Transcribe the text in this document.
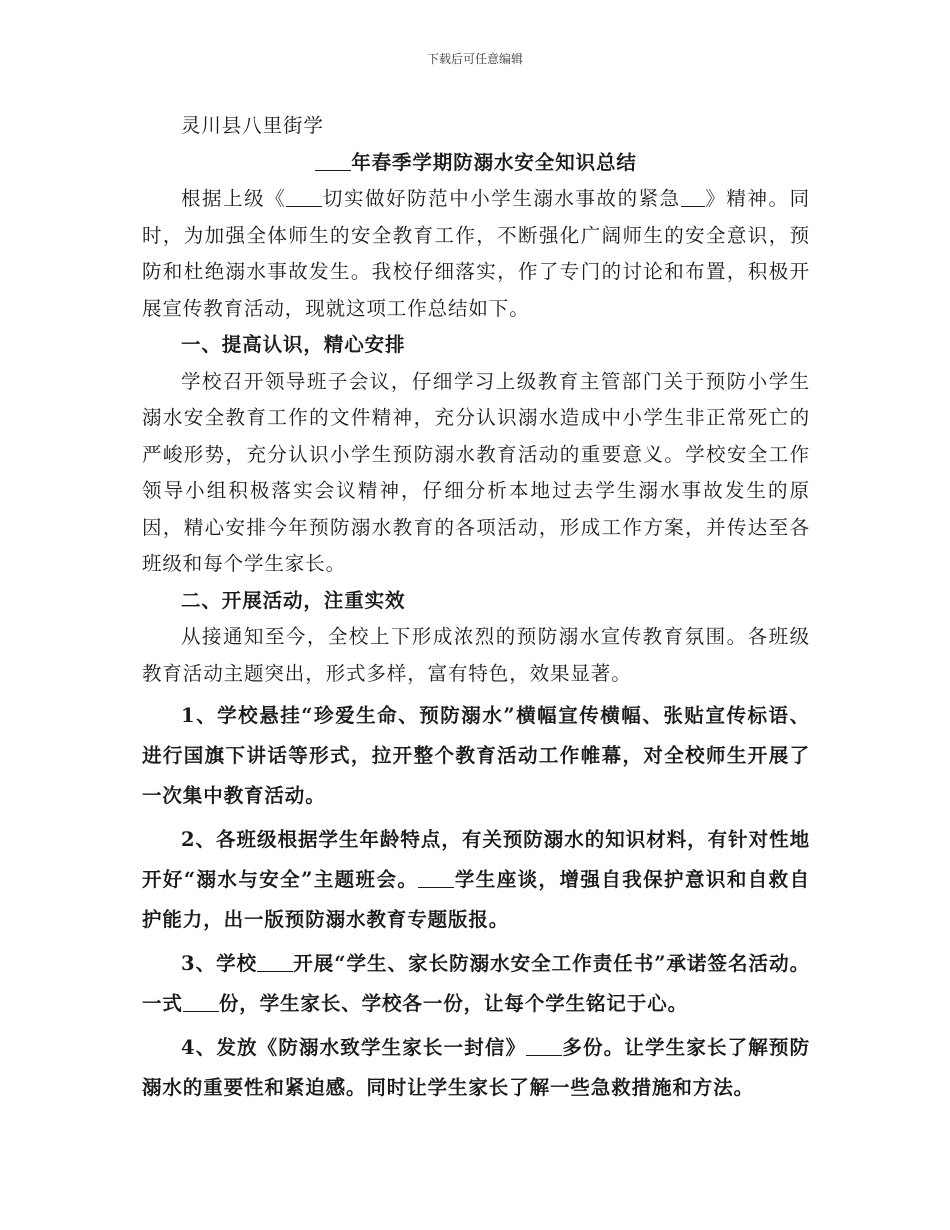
下载后可任意编辑

灵川县八里街学

年春季学期防溺水安全知识总结

根据上级《 切实做好防范中小学生溺水事故的紧急 》精神。同时，为加强全体师生的安全教育工作，不断强化广阔师生的安全意识，预防和杜绝溺水事故发生。我校仔细落实，作了专门的讨论和布置，积极开展宣传教育活动，现就这项工作总结如下。

一、提高认识，精心安排

学校召开领导班子会议，仔细学习上级教育主管部门关于预防小学生溺水安全教育工作的文件精神，充分认识溺水造成中小学生非正常死亡的严峻形势，充分认识小学生预防溺水教育活动的重要意义。学校安全工作领导小组积极落实会议精神，仔细分析本地过去学生溺水事故发生的原因，精心安排今年预防溺水教育的各项活动，形成工作方案，并传达至各班级和每个学生家长。

二、开展活动，注重实效

从接通知至今，全校上下形成浓烈的预防溺水宣传教育氛围。各班级教育活动主题突出，形式多样，富有特色，效果显著。

1、学校悬挂“珍爱生命、预防溺水”横幅宣传横幅、张贴宣传标语、进行国旗下讲话等形式，拉开整个教育活动工作帷幕，对全校师生开展了一次集中教育活动。

2、各班级根据学生年龄特点，有关预防溺水的知识材料，有针对性地开好“溺水与安全”主题班会。 学生座谈，增强自我保护意识和自救自护能力，出一版预防溺水教育专题版报。

3、学校 开展“学生、家长防溺水安全工作责任书”承诺签名活动。一式 份，学生家长、学校各一份，让每个学生铭记于心。

4、发放《防溺水致学生家长一封信》 多份。让学生家长了解预防溺水的重要性和紧迫感。同时让学生家长了解一些急救措施和方法。
